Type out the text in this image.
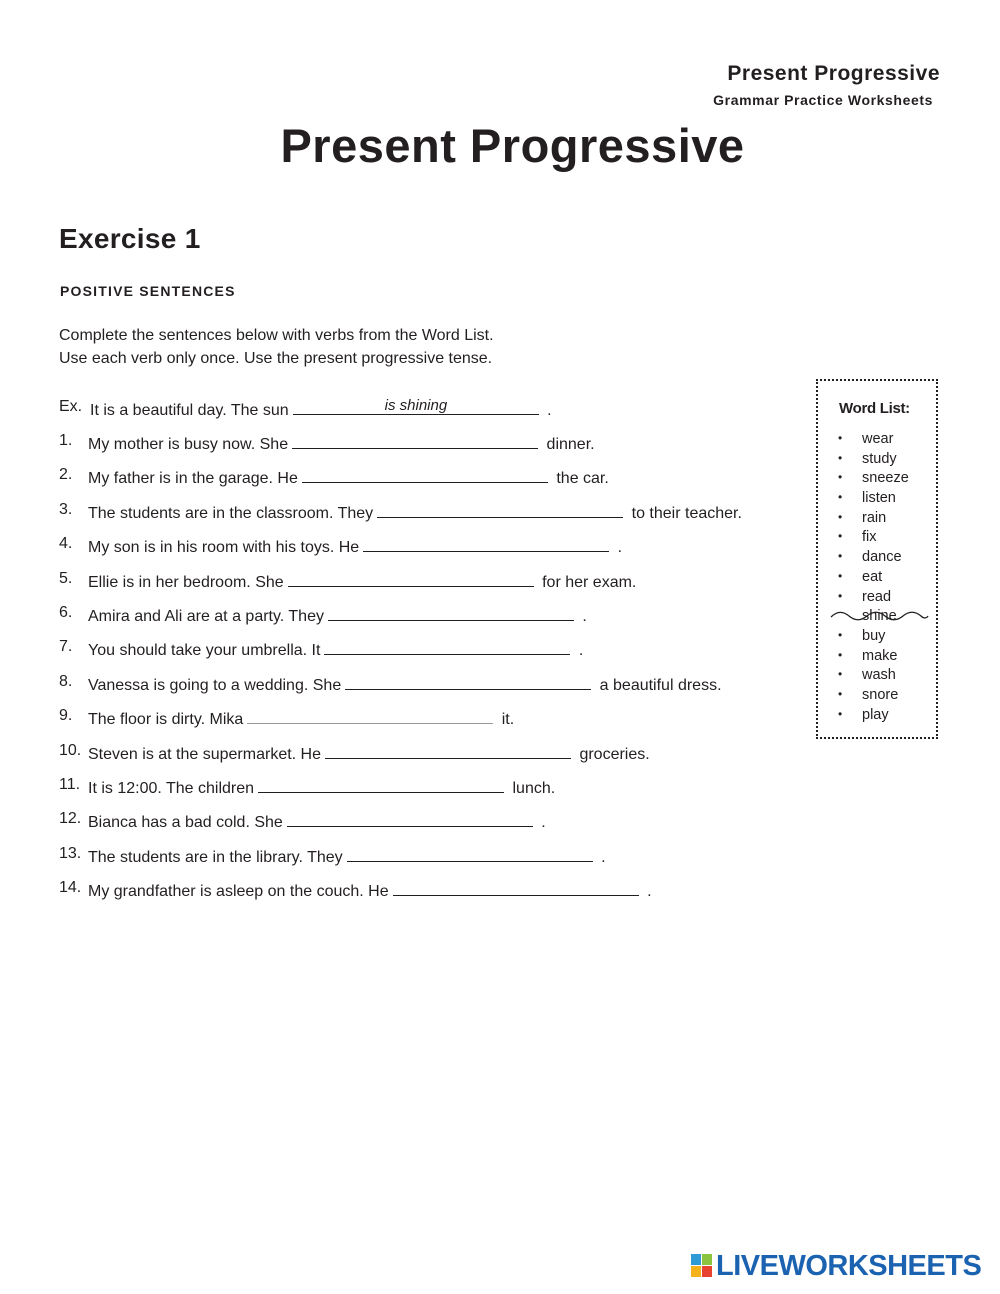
Present Progressive
Grammar Practice Worksheets
Present Progressive
Exercise 1
POSITIVE SENTENCES
Complete the sentences below with verbs from the Word List.
Use each verb only once. Use the present progressive tense.
Ex. It is a beautiful day. The sun	is shining	.
1. My mother is busy now. She	dinner.
2. My father is in the garage. He	the car.
3. The students are in the classroom. They	to their teacher.
4. My son is in his room with his toys. He	.
5. Ellie is in her bedroom. She	for her exam.
6. Amira and Ali are at a party. They	.
7. You should take your umbrella. It	.
8. Vanessa is going to a wedding. She	a beautiful dress.
9. The floor is dirty. Mika	it.
10. Steven is at the supermarket. He	groceries.
11. It is 12:00. The children	lunch.
12. Bianca has a bad cold. She	.
13. The students are in the library. They	.
14. My grandfather is asleep on the couch. He	.
Word List:
• wear
• study
• sneeze
• listen
• rain
• fix
• dance
• eat
• read
shine
• buy
• make
• wash
• snore
• play
LIVEWORKSHEETS
